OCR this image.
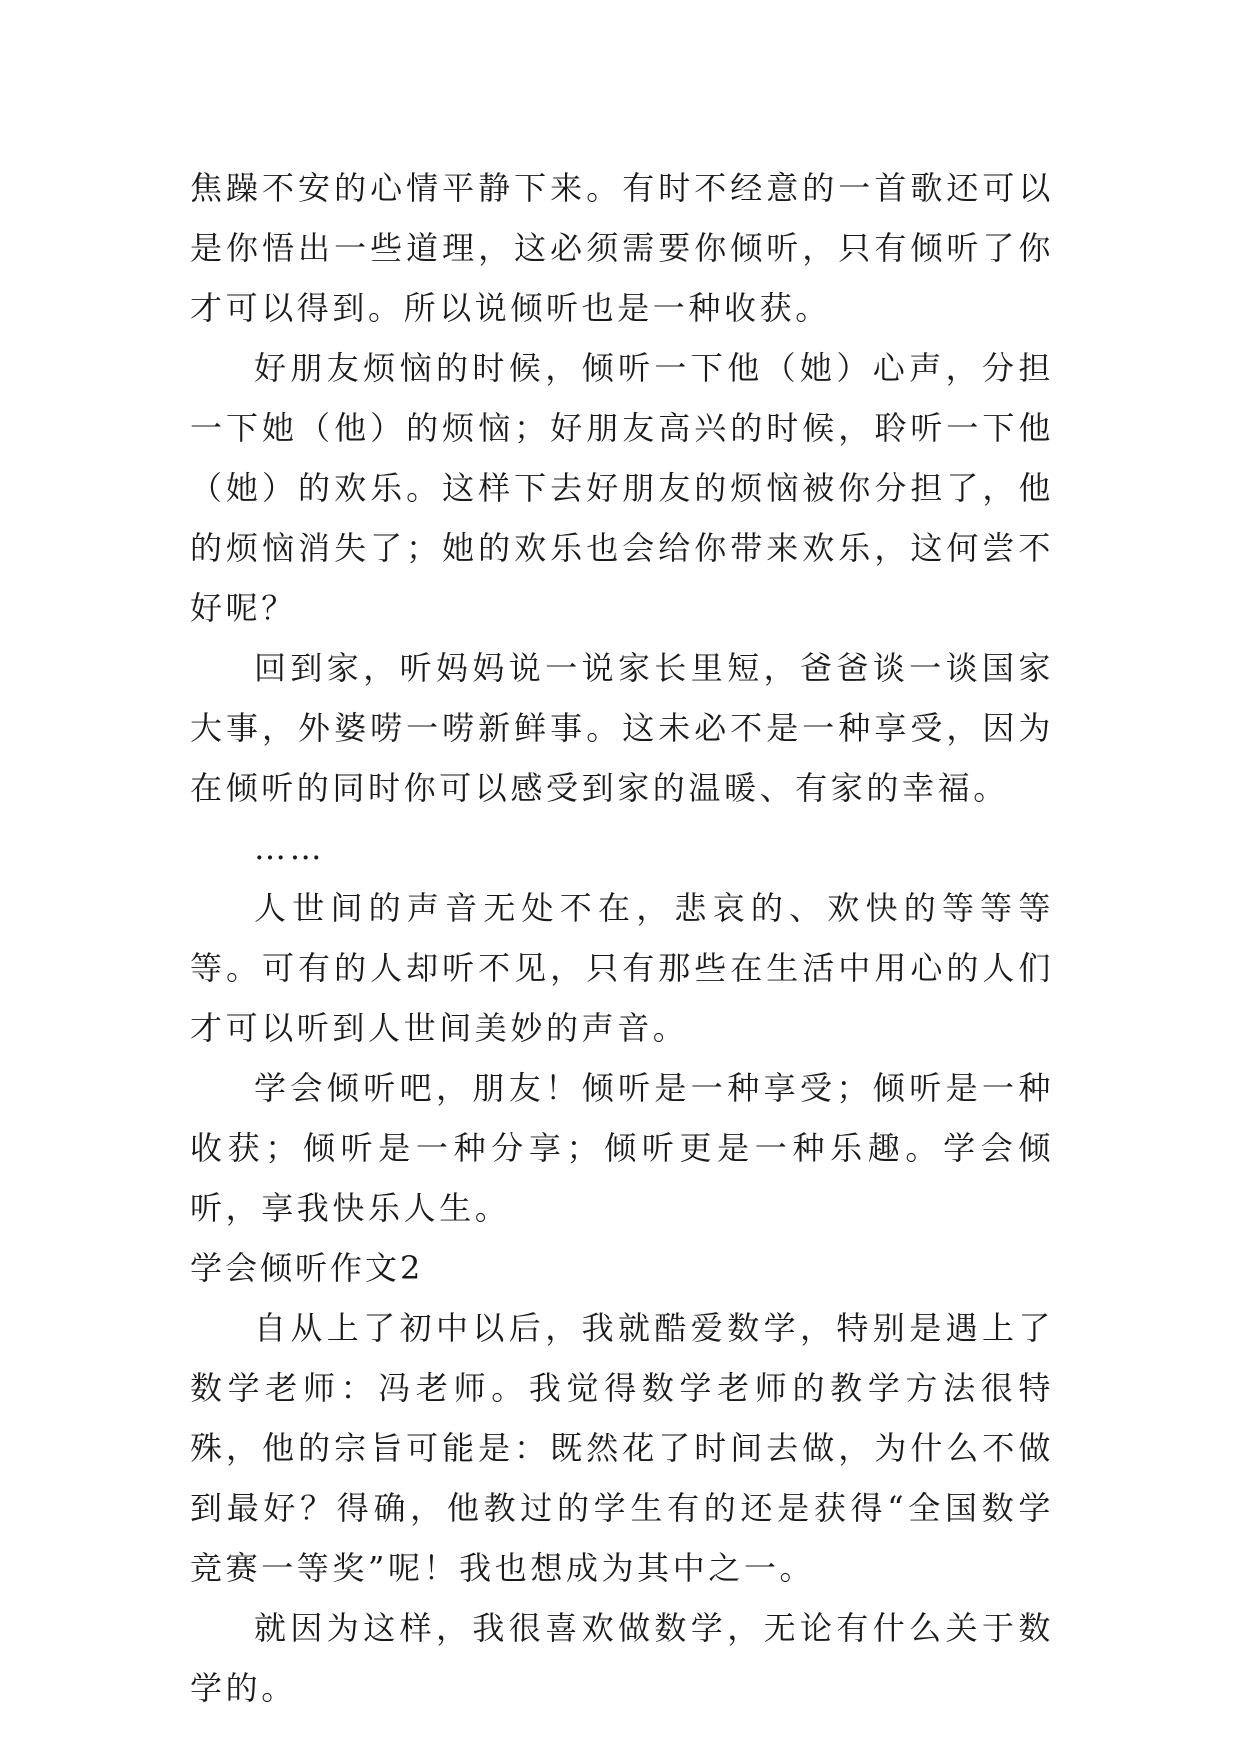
焦躁不安的心情平静下来。有时不经意的一首歌还可以是你悟出一些道理，这必须需要你倾听，只有倾听了你才可以得到。所以说倾听也是一种收获。

好朋友烦恼的时候，倾听一下他（她）心声，分担一下她（他）的烦恼；好朋友高兴的时候，聆听一下他（她）的欢乐。这样下去好朋友的烦恼被你分担了，他的烦恼消失了；她的欢乐也会给你带来欢乐，这何尝不好呢？

回到家，听妈妈说一说家长里短，爸爸谈一谈国家大事，外婆唠一唠新鲜事。这未必不是一种享受，因为在倾听的同时你可以感受到家的温暖、有家的幸福。

……

人世间的声音无处不在，悲哀的、欢快的等等等等。可有的人却听不见，只有那些在生活中用心的人们才可以听到人世间美妙的声音。

学会倾听吧，朋友！倾听是一种享受；倾听是一种收获；倾听是一种分享；倾听更是一种乐趣。学会倾听，享我快乐人生。

学会倾听作文2

自从上了初中以后，我就酷爱数学，特别是遇上了数学老师：冯老师。我觉得数学老师的教学方法很特殊，他的宗旨可能是：既然花了时间去做，为什么不做到最好？得确，他教过的学生有的还是获得“全国数学竞赛一等奖”呢！我也想成为其中之一。

就因为这样，我很喜欢做数学，无论有什么关于数学的。
